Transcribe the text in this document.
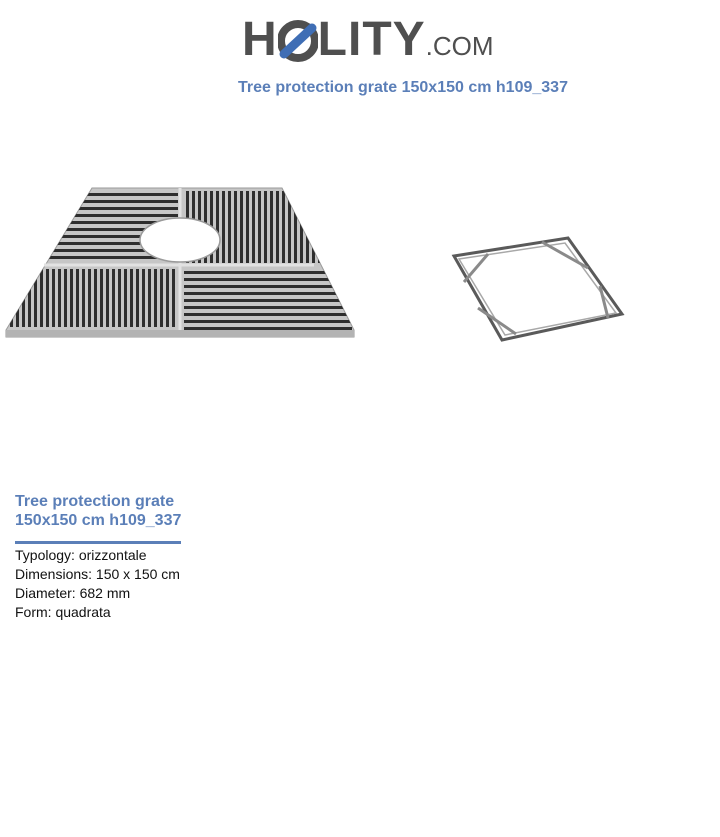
H LITY.COM
Tree protection grate 150x150 cm h109_337
Tree protection grate
150x150 cm h109_337
Typology: orizzontale
Dimensions: 150 x 150 cm
Diameter: 682 mm
Form: quadrata
